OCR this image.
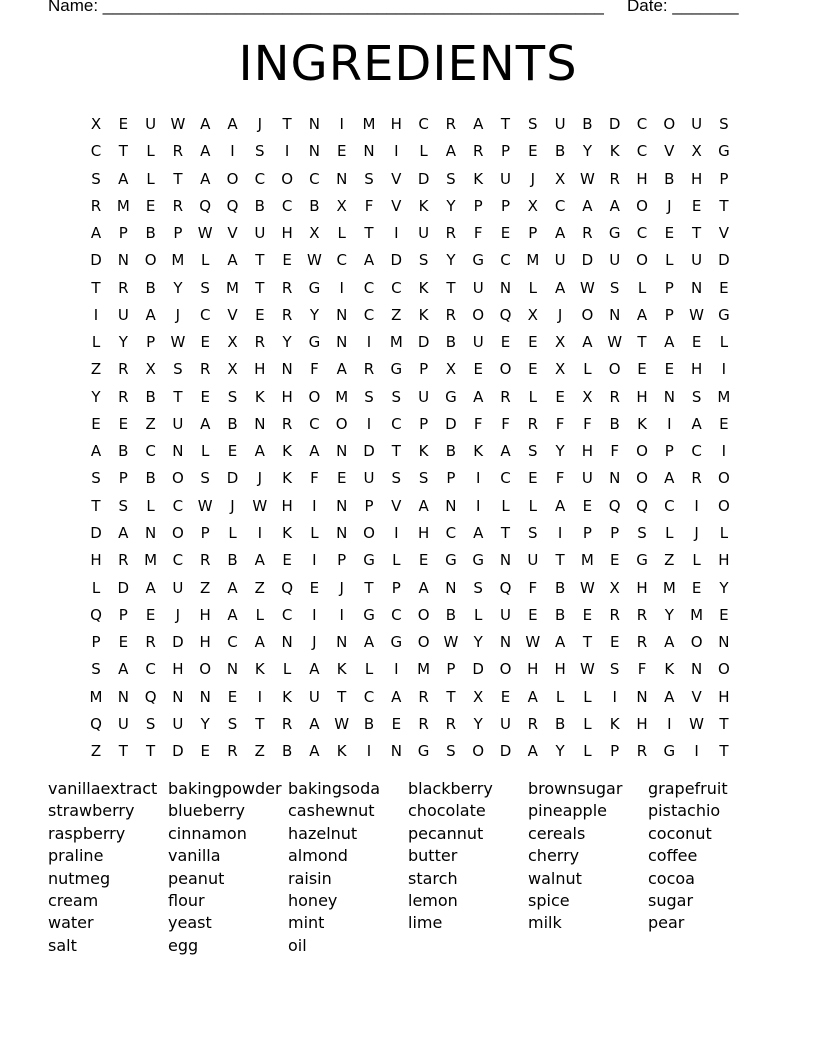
Name: _____________________________________________________ Date: _______
INGREDIENTS
X	E	U W A	A	J	T	N	I	M	H	C	R	A	T	S	U	B	D	C	O	U	S
C	T	L	R	A	I	S	I	N	E	N	I	L	A	R	P	E	B	Y	K	C	V	X	G
S	A	L	T	A	O	C	O	C	N	S	V	D	S	K	U	J	X W R	H	B	H	P
R	M	E	R	Q	Q	B	C	B	X	F	V	K	Y	P	P	X	C	A	A	O	J	E	T
A	P	B	P	W V	U	H	X	L	T	I	U	R	F	E	P	A	R	G	C	E	T	V
D	N	O M	L	A	T	E	W C	A	D	S	Y	G	C	M	U	D	U	O	L	U	D
T	R	B	Y	S	M	T	R	G	I	C	C	K	T	U	N	L	A W	S	L	P	N	E
I	U	A	J	C	V	E	R	Y	N	C	Z	K	R	O	Q	X	J	O	N	A	P	W G
L	Y	P	W	E	X	R	Y	G	N	I	M	D	B	U	E	E	X	A W	T	A	E	L
Z	R	X	S	R	X	H	N	F	A	R	G	P	X	E	O	E	X	L	O	E	E	H	I
Y	R	B	T	E	S	K	H	O M	S	S	U	G	A	R	L	E	X	R	H	N	S	M
E	E	Z	U	A	B	N	R	C	O	I	C	P	D	F	F	R	F	F	B	K	I	A	E
A	B	C	N	L	E	A	K	A	N	D	T	K	B	K	A	S	Y	H	F	O	P	C	I
S	P	B	O	S	D	J	K	F	E	U	S	S	P	I	C	E	F	U	N	O	A	R	O
T	S	L	C W	J	W H	I	N	P	V	A	N	I	L	L	A	E	Q	Q	C	I	O
D	A	N	O	P	L	I	K	L	N	O	I	H	C	A	T	S	I	P	P	S	L	J	L
H	R	M	C	R	B	A	E	I	P	G	L	E	G	G	N	U	T	M	E	G	Z	L	H
L	D	A	U	Z	A	Z	Q	E	J	T	P	A	N	S	Q	F	B W X	H	M	E	Y
Q	P	E	J	H	A	L	C	I	I	G	C	O	B	L	U	E	B	E	R	R	Y	M	E
P	E	R	D	H	C	A	N	J	N	A	G	O W	Y	N W A	T	E	R	A	O	N
S	A	C	H	O	N	K	L	A	K	L	I	M	P	D	O	H	H W	S	F	K	N	O
M	N	Q	N	N	E	I	K	U	T	C	A	R	T	X	E	A	L	L	I	N	A	V	H
Q	U	S	U	Y	S	T	R	A W B	E	R	R	Y	U	R	B	L	K	H	I	W	T
Z	T	T	D	E	R	Z	B	A	K	I	N	G	S	O	D	A	Y	L	P	R	G	I	T
vanillaextract
strawberry
raspberry
praline
nutmeg
cream
water
salt
bakingpowder
blueberry
cinnamon
vanilla
peanut
flour
yeast
egg
bakingsoda
cashewnut
hazelnut
almond
raisin
honey
mint
oil
blackberry
chocolate
pecannut
butter
starch
lemon
lime
brownsugar
pineapple
cereals
cherry
walnut
spice
milk
grapefruit
pistachio
coconut
coffee
cocoa
sugar
pear
